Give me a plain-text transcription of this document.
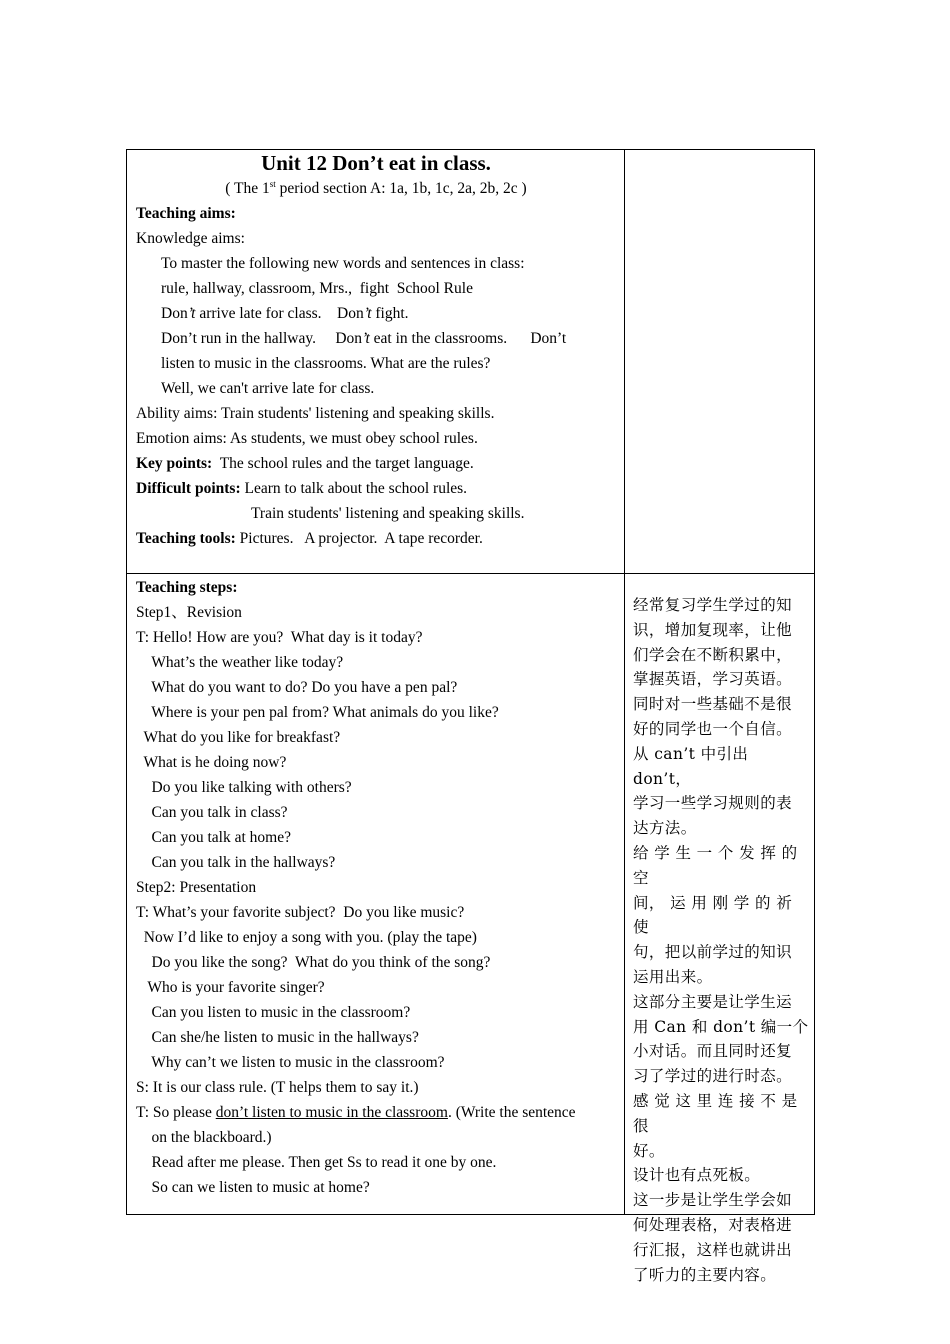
Unit 12 Don’t eat in class.
( The 1st period section A: 1a, 1b, 1c, 2a, 2b, 2c )
Teaching aims:
Knowledge aims:
To master the following new words and sentences in class:
rule, hallway, classroom, Mrs.,  fight  School Rule
Don’t arrive late for class.    Don’t fight.
Don’t run in the hallway.     Don’t eat in the classrooms.      Don’t
listen to music in the classrooms. What are the rules?
Well, we can't arrive late for class.
Ability aims: Train students' listening and speaking skills.
Emotion aims: As students, we must obey school rules.
Key points:  The school rules and the target language.
Difficult points: Learn to talk about the school rules.
Train students' listening and speaking skills.
Teaching tools: Pictures.   A projector.  A tape recorder.
Teaching steps:
Step1、Revision
T: Hello! How are you?  What day is it today?
What’s the weather like today?
What do you want to do? Do you have a pen pal?
Where is your pen pal from? What animals do you like?
What do you like for breakfast?
What is he doing now?
Do you like talking with others?
Can you talk in class?
Can you talk at home?
Can you talk in the hallways?
Step2: Presentation
T: What’s your favorite subject?  Do you like music?
Now I’d like to enjoy a song with you. (play the tape)
Do you like the song?  What do you think of the song?
Who is your favorite singer?
Can you listen to music in the classroom?
Can she/he listen to music in the hallways?
Why can’t we listen to music in the classroom?
S: It is our class rule. (T helps them to say it.)
T: So please don’t listen to music in the classroom. (Write the sentence
on the blackboard.)
Read after me please. Then get Ss to read it one by one.
So can we listen to music at home?
经常复习学生学过的知
识，增加复现率，让他
们学会在不断积累中，
掌握英语，学习英语。
同时对一些基础不是很
好的同学也一个自信。
从 can’t 中引出 don’t，
学习一些学习规则的表
达方法。
给 学 生 一 个 发 挥 的 空
间， 运 用 刚 学 的 祈 使
句，把以前学过的知识
运用出来。
这部分主要是让学生运
用 Can 和 don’t 编一个
小对话。而且同时还复
习了学过的进行时态。
感 觉 这 里 连 接 不 是 很
好。
设计也有点死板。
这一步是让学生学会如
何处理表格，对表格进
行汇报，这样也就讲出
了听力的主要内容。
